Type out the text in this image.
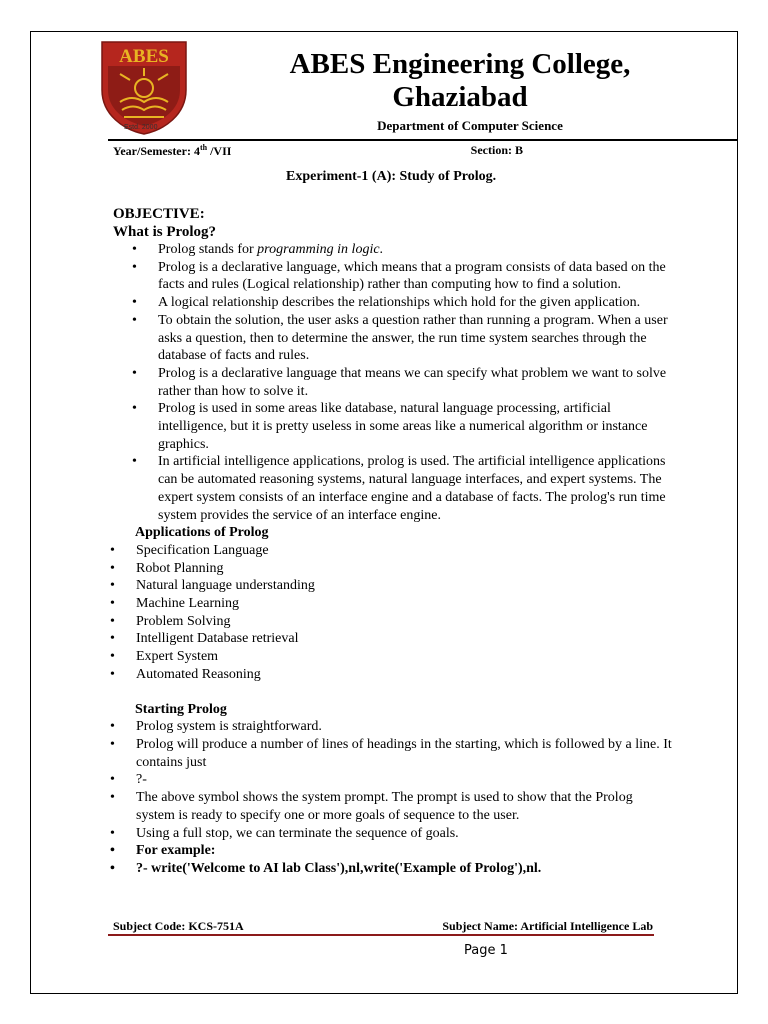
ABES
Estd. 2000
ABES Engineering College,
Ghaziabad
Department of Computer Science
Year/Semester: 4th /VII	Section: B
Experiment-1 (A): Study of Prolog.
OBJECTIVE:
What is Prolog?
• Prolog stands for programming in logic.
• Prolog is a declarative language, which means that a program consists of data based on the facts and rules (Logical relationship) rather than computing how to find a solution.
• A logical relationship describes the relationships which hold for the given application.
• To obtain the solution, the user asks a question rather than running a program. When a user asks a question, then to determine the answer, the run time system searches through the database of facts and rules.
• Prolog is a declarative language that means we can specify what problem we want to solve rather than how to solve it.
• Prolog is used in some areas like database, natural language processing, artificial intelligence, but it is pretty useless in some areas like a numerical algorithm or instance graphics.
• In artificial intelligence applications, prolog is used. The artificial intelligence applications can be automated reasoning systems, natural language interfaces, and expert systems. The expert system consists of an interface engine and a database of facts. The prolog's run time system provides the service of an interface engine.
Applications of Prolog
• Specification Language
• Robot Planning
• Natural language understanding
• Machine Learning
• Problem Solving
• Intelligent Database retrieval
• Expert System
• Automated Reasoning
Starting Prolog
• Prolog system is straightforward.
• Prolog will produce a number of lines of headings in the starting, which is followed by a line. It contains just
• ?-
• The above symbol shows the system prompt. The prompt is used to show that the Prolog system is ready to specify one or more goals of sequence to the user.
• Using a full stop, we can terminate the sequence of goals.
• For example:
• ?- write('Welcome to AI lab Class'),nl,write('Example of Prolog'),nl.
Subject Code: KCS-751A	Subject Name: Artificial Intelligence Lab
Page 1
